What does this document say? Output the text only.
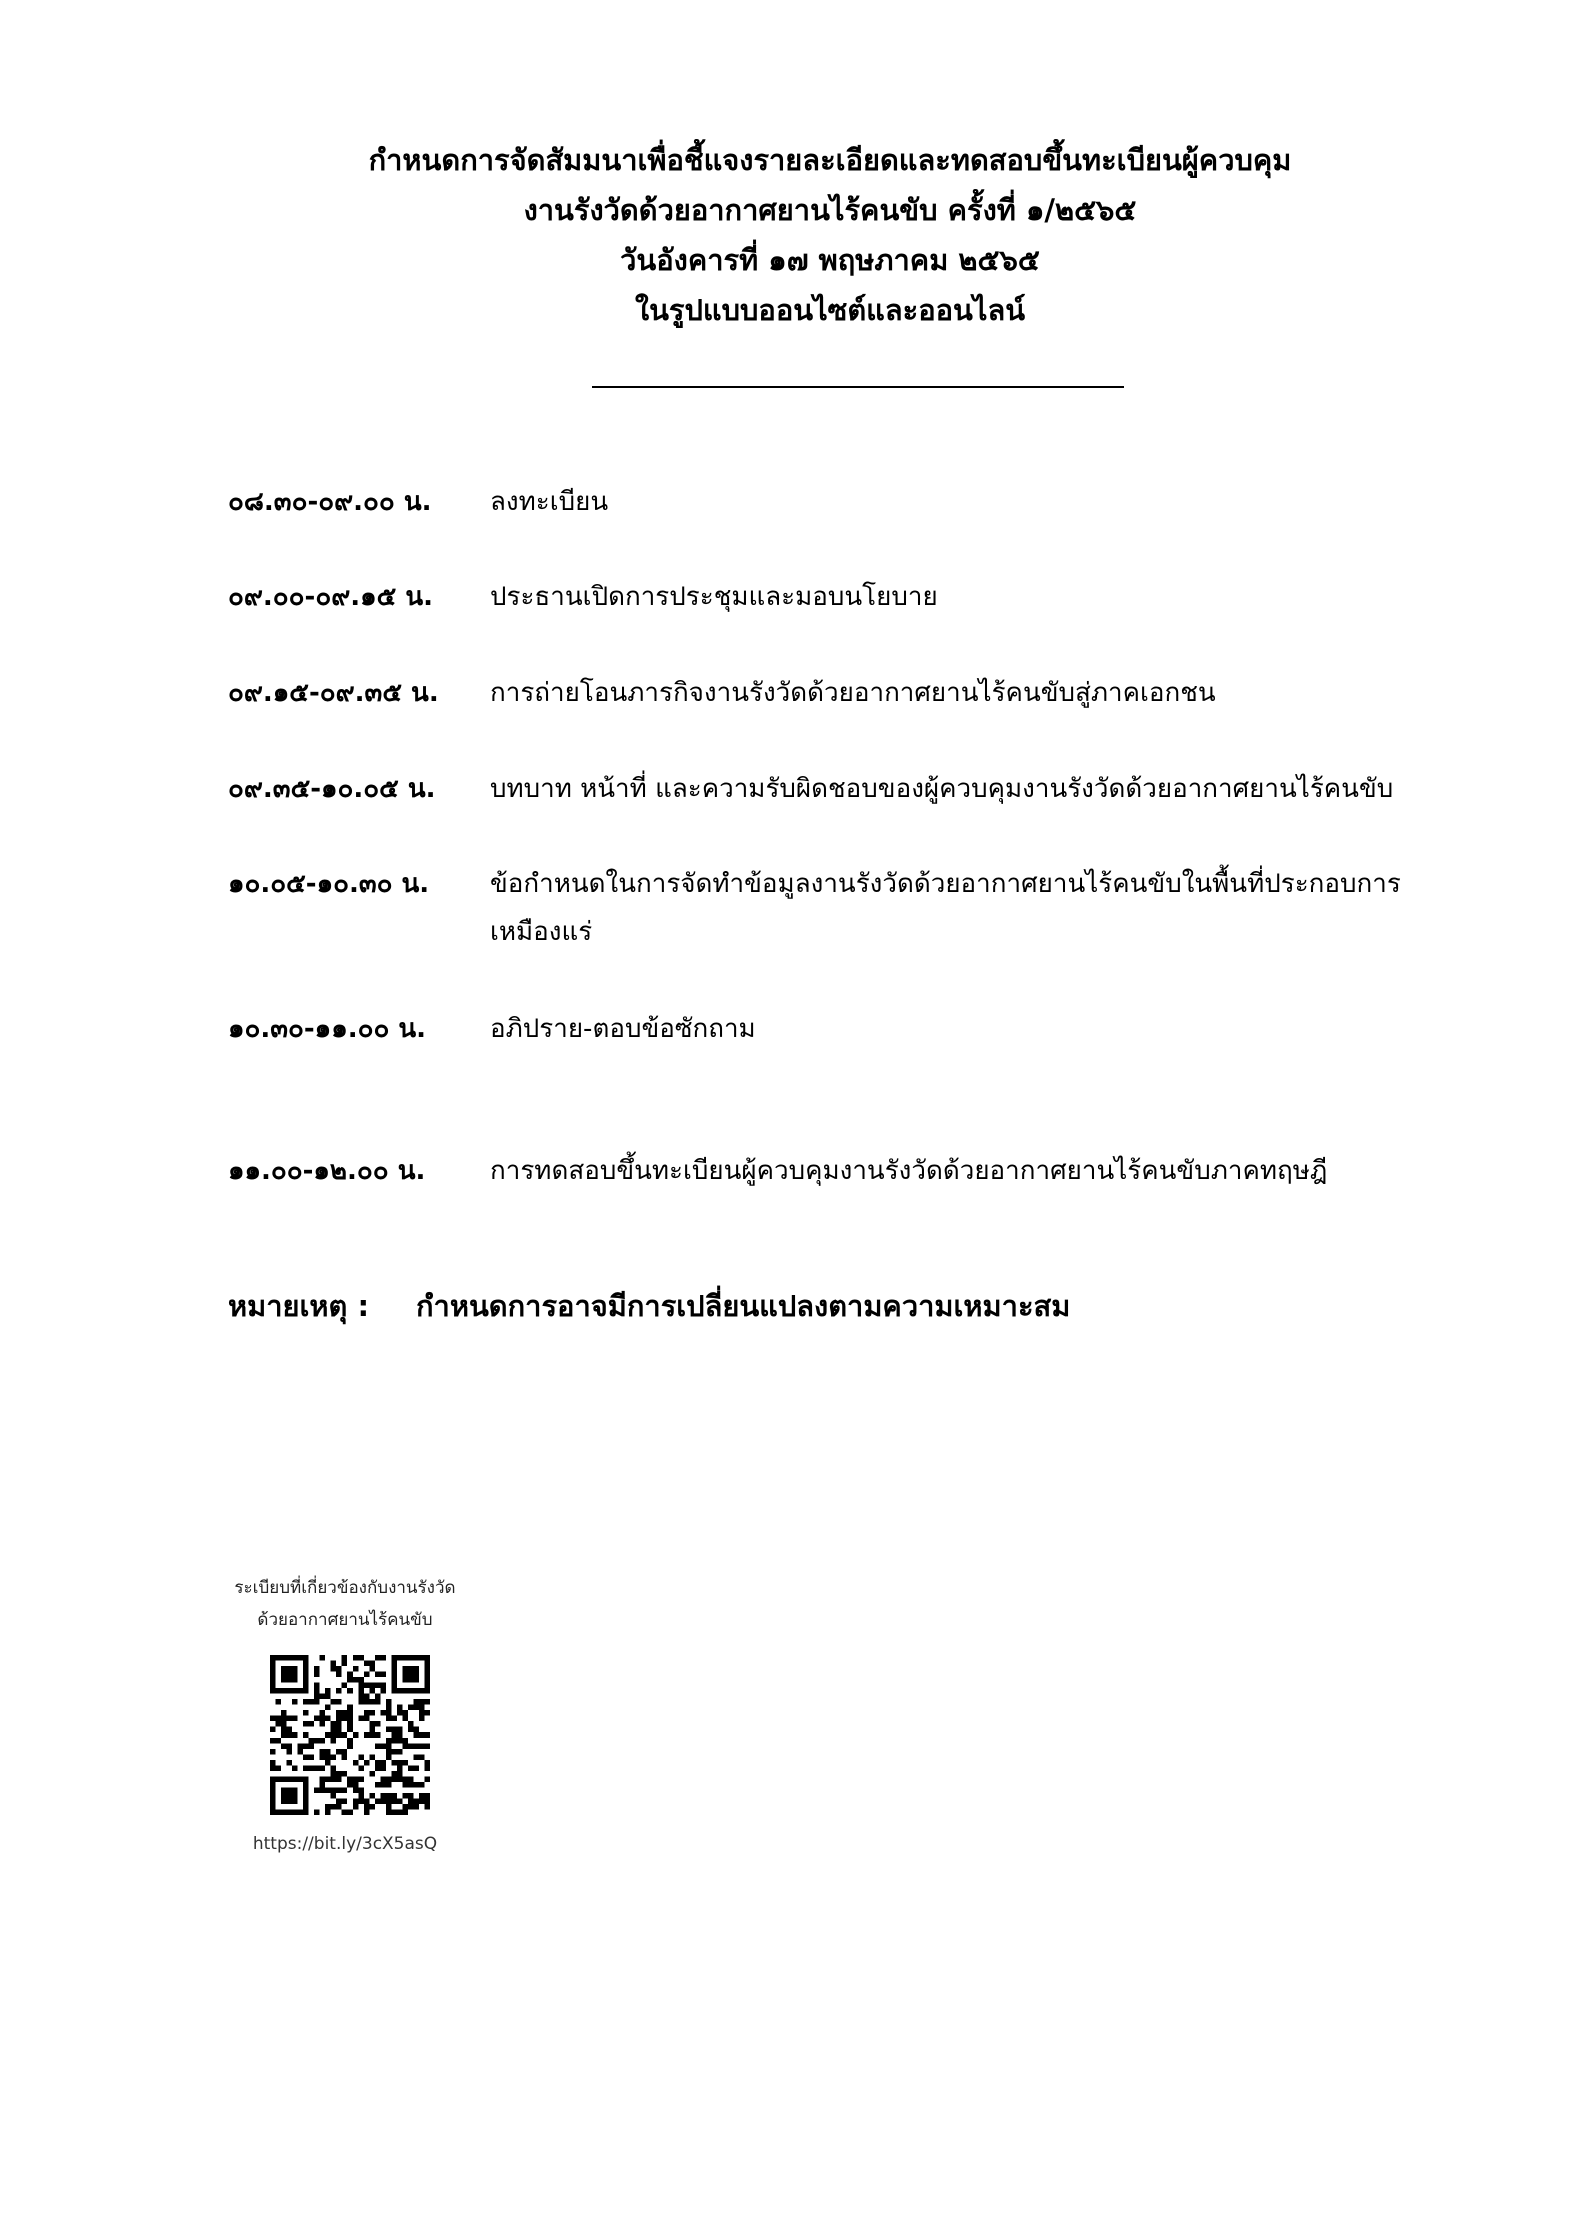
กำหนดการจัดสัมมนาเพื่อชี้แจงรายละเอียดและทดสอบขึ้นทะเบียนผู้ควบคุม
งานรังวัดด้วยอากาศยานไร้คนขับ ครั้งที่ ๑/๒๕๖๕
วันอังคารที่ ๑๗ พฤษภาคม ๒๕๖๕
ในรูปแบบออนไซต์และออนไลน์
๐๘.๓๐-๐๙.๐๐ น. ลงทะเบียน
๐๙.๐๐-๐๙.๑๕ น. ประธานเปิดการประชุมและมอบนโยบาย
๐๙.๑๕-๐๙.๓๕ น. การถ่ายโอนภารกิจงานรังวัดด้วยอากาศยานไร้คนขับสู่ภาคเอกชน
๐๙.๓๕-๑๐.๐๕ น. บทบาท หน้าที่ และความรับผิดชอบของผู้ควบคุมงานรังวัดด้วยอากาศยานไร้คนขับ
๑๐.๐๕-๑๐.๓๐ น. ข้อกำหนดในการจัดทำข้อมูลงานรังวัดด้วยอากาศยานไร้คนขับในพื้นที่ประกอบการเหมืองแร่
๑๐.๓๐-๑๑.๐๐ น. อภิปราย-ตอบข้อซักถาม
๑๑.๐๐-๑๒.๐๐ น. การทดสอบขึ้นทะเบียนผู้ควบคุมงานรังวัดด้วยอากาศยานไร้คนขับภาคทฤษฎี
หมายเหตุ : กำหนดการอาจมีการเปลี่ยนแปลงตามความเหมาะสม
ระเบียบที่เกี่ยวข้องกับงานรังวัด
ด้วยอากาศยานไร้คนขับ
https://bit.ly/3cX5asQ
